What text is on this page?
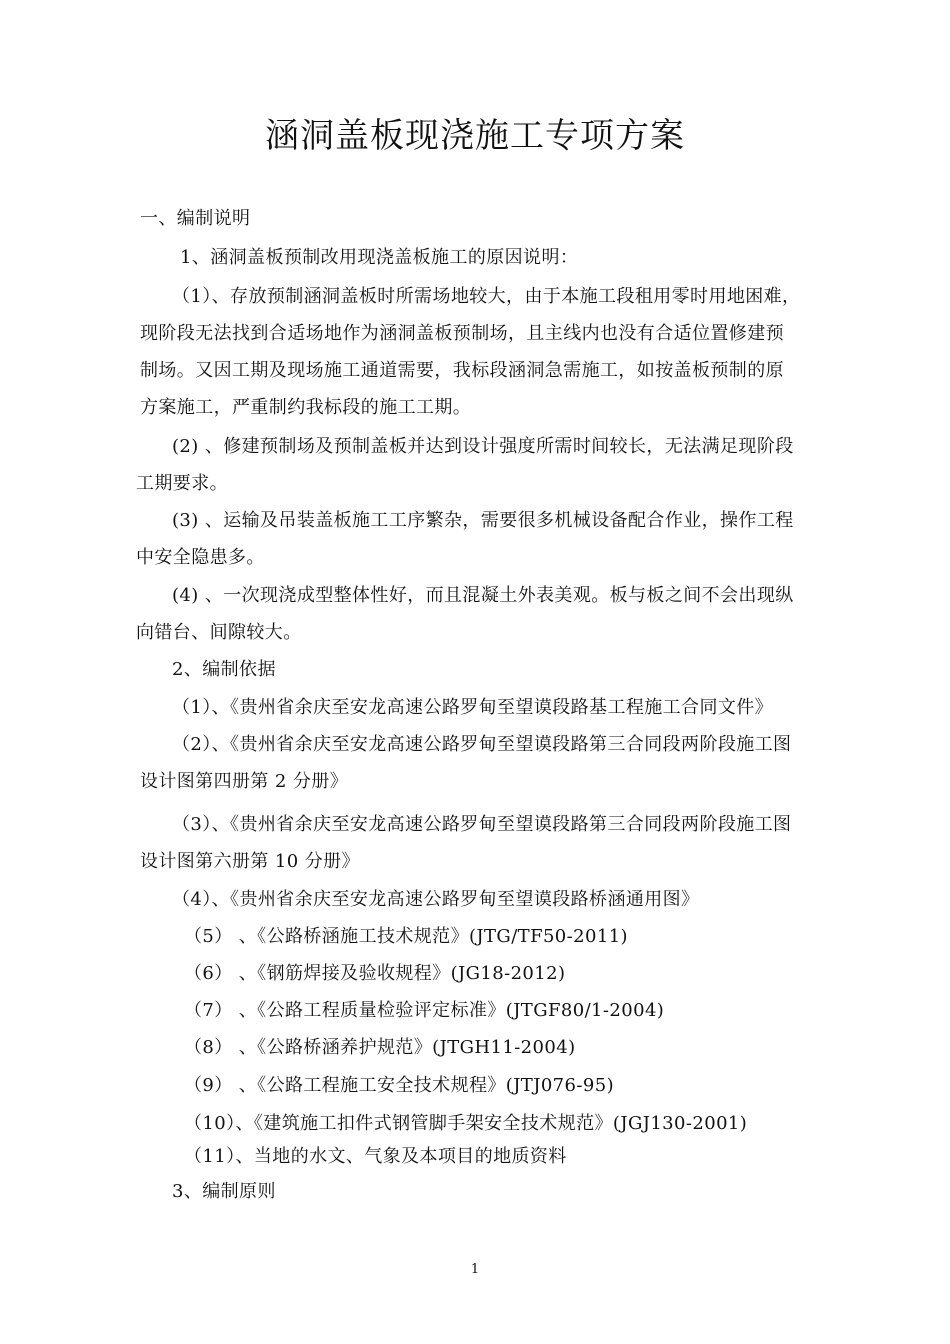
涵洞盖板现浇施工专项方案
一、编制说明
1、涵洞盖板预制改用现浇盖板施工的原因说明：
（1）、存放预制涵洞盖板时所需场地较大，由于本施工段租用零时用地困难，
现阶段无法找到合适场地作为涵洞盖板预制场，且主线内也没有合适位置修建预
制场。又因工期及现场施工通道需要，我标段涵洞急需施工，如按盖板预制的原
方案施工，严重制约我标段的施工工期。
(2) 、修建预制场及预制盖板并达到设计强度所需时间较长，无法满足现阶段
工期要求。
(3) 、运输及吊装盖板施工工序繁杂，需要很多机械设备配合作业，操作工程
中安全隐患多。
(4) 、一次现浇成型整体性好，而且混凝土外表美观。板与板之间不会出现纵
向错台、间隙较大。
2、编制依据
（1）、《贵州省余庆至安龙高速公路罗甸至望谟段路基工程施工合同文件》
（2）、《贵州省余庆至安龙高速公路罗甸至望谟段路第三合同段两阶段施工图
设计图第四册第 2 分册》
（3）、《贵州省余庆至安龙高速公路罗甸至望谟段路第三合同段两阶段施工图
设计图第六册第 10 分册》
（4）、《贵州省余庆至安龙高速公路罗甸至望谟段路桥涵通用图》
（5） 、《公路桥涵施工技术规范》(JTG/TF50-2011)
（6） 、《钢筋焊接及验收规程》(JG18-2012)
（7） 、《公路工程质量检验评定标准》(JTGF80/1-2004)
（8） 、《公路桥涵养护规范》(JTGH11-2004)
（9） 、《公路工程施工安全技术规程》(JTJ076-95)
（10）、《建筑施工扣件式钢管脚手架安全技术规范》(JGJ130-2001)
（11）、当地的水文、气象及本项目的地质资料
3、编制原则
1
